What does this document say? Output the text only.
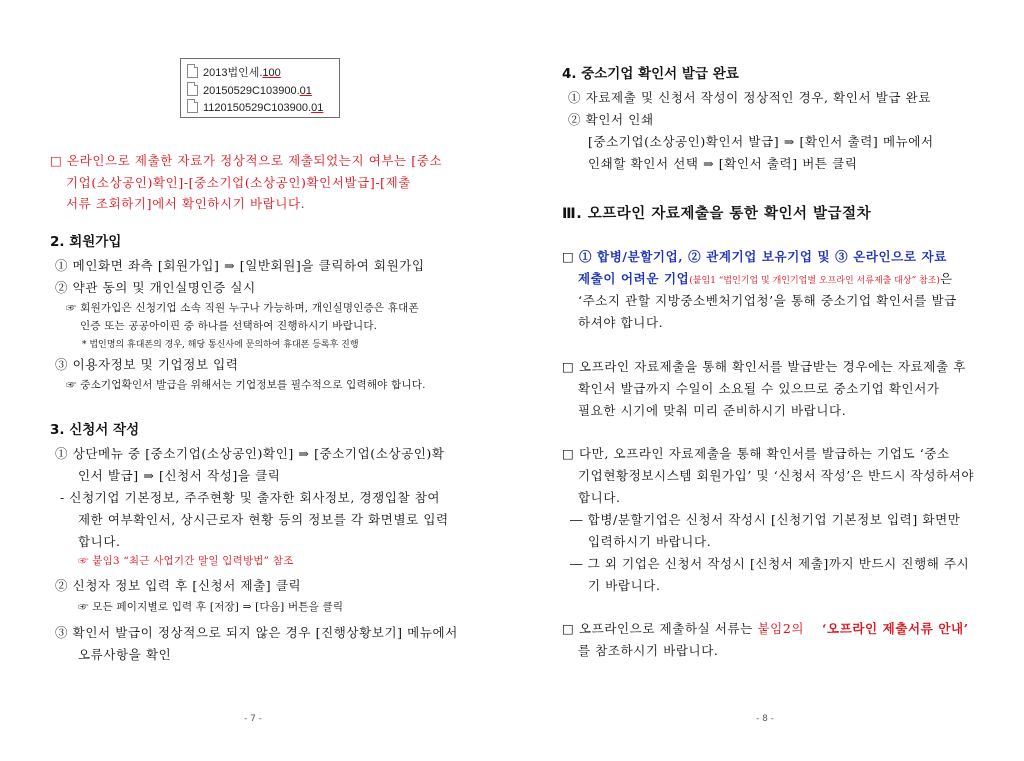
2013법인세.100
20150529C103900.01
1120150529C103900.01
□ 온라인으로 제출한 자료가 정상적으로 제출되었는지 여부는 [중소
기업(소상공인)확인]-[중소기업(소상공인)확인서발급]-[제출
서류 조회하기]에서 확인하시기 바랍니다.
2. 회원가입
① 메인화면 좌측 [회원가입] ⇒ [일반회원]을 클릭하여 회원가입
② 약관 동의 및 개인실명인증 실시
☞ 회원가입은 신청기업 소속 직원 누구나 가능하며, 개인실명인증은 휴대폰
인증 또는 공공아이핀 중 하나를 선택하여 진행하시기 바랍니다.
* 법인명의 휴대폰의 경우, 해당 통신사에 문의하여 휴대폰 등록후 진행
③ 이용자정보 및 기업정보 입력
☞ 중소기업확인서 발급을 위해서는 기업정보를 필수적으로 입력해야 합니다.
3. 신청서 작성
① 상단메뉴 중 [중소기업(소상공인)확인] ⇒ [중소기업(소상공인)확
인서 발급] ⇒ [신청서 작성]을 클릭
- 신청기업 기본정보, 주주현황 및 출자한 회사정보, 경쟁입찰 참여
제한 여부확인서, 상시근로자 현황 등의 정보를 각 화면별로 입력
합니다.
☞ 붙임3 “최근 사업기간 말일 입력방법” 참조
② 신청자 정보 입력 후 [신청서 제출] 클릭
☞ 모든 페이지별로 입력 후 [저장] ⇒ [다음] 버튼을 클릭
③ 확인서 발급이 정상적으로 되지 않은 경우 [진행상황보기] 메뉴에서
오류사항을 확인
- 7 -
4. 중소기업 확인서 발급 완료
① 자료제출 및 신청서 작성이 정상적인 경우, 확인서 발급 완료
② 확인서 인쇄
[중소기업(소상공인)확인서 발급] ⇒ [확인서 출력] 메뉴에서
인쇄할 확인서 선택 ⇒ [확인서 출력] 버튼 클릭
Ⅲ. 오프라인 자료제출을 통한 확인서 발급절차
□ ① 합병/분할기업, ② 관계기업 보유기업 및 ③ 온라인으로 자료
제출이 어려운 기업(붙임1 “법인기업 및 개인기업별 오프라인 서류제출 대상” 참조)은
‘주소지 관할 지방중소벤처기업청’을 통해 중소기업 확인서를 발급
하셔야 합니다.
□ 오프라인 자료제출을 통해 확인서를 발급받는 경우에는 자료제출 후
확인서 발급까지 수일이 소요될 수 있으므로 중소기업 확인서가
필요한 시기에 맞춰 미리 준비하시기 바랍니다.
□ 다만, 오프라인 자료제출을 통해 확인서를 발급하는 기업도 ‘중소
기업현황정보시스템 회원가입’ 및 ‘신청서 작성’은 반드시 작성하셔야
합니다.
― 합병/분할기업은 신청서 작성시 [신청기업 기본정보 입력] 화면만
입력하시기 바랍니다.
― 그 외 기업은 신청서 작성시 [신청서 제출]까지 반드시 진행해 주시
기 바랍니다.
□ 오프라인으로 제출하실 서류는 붙임2의 ‘오프라인 제출서류 안내’
를 참조하시기 바랍니다.
- 8 -
